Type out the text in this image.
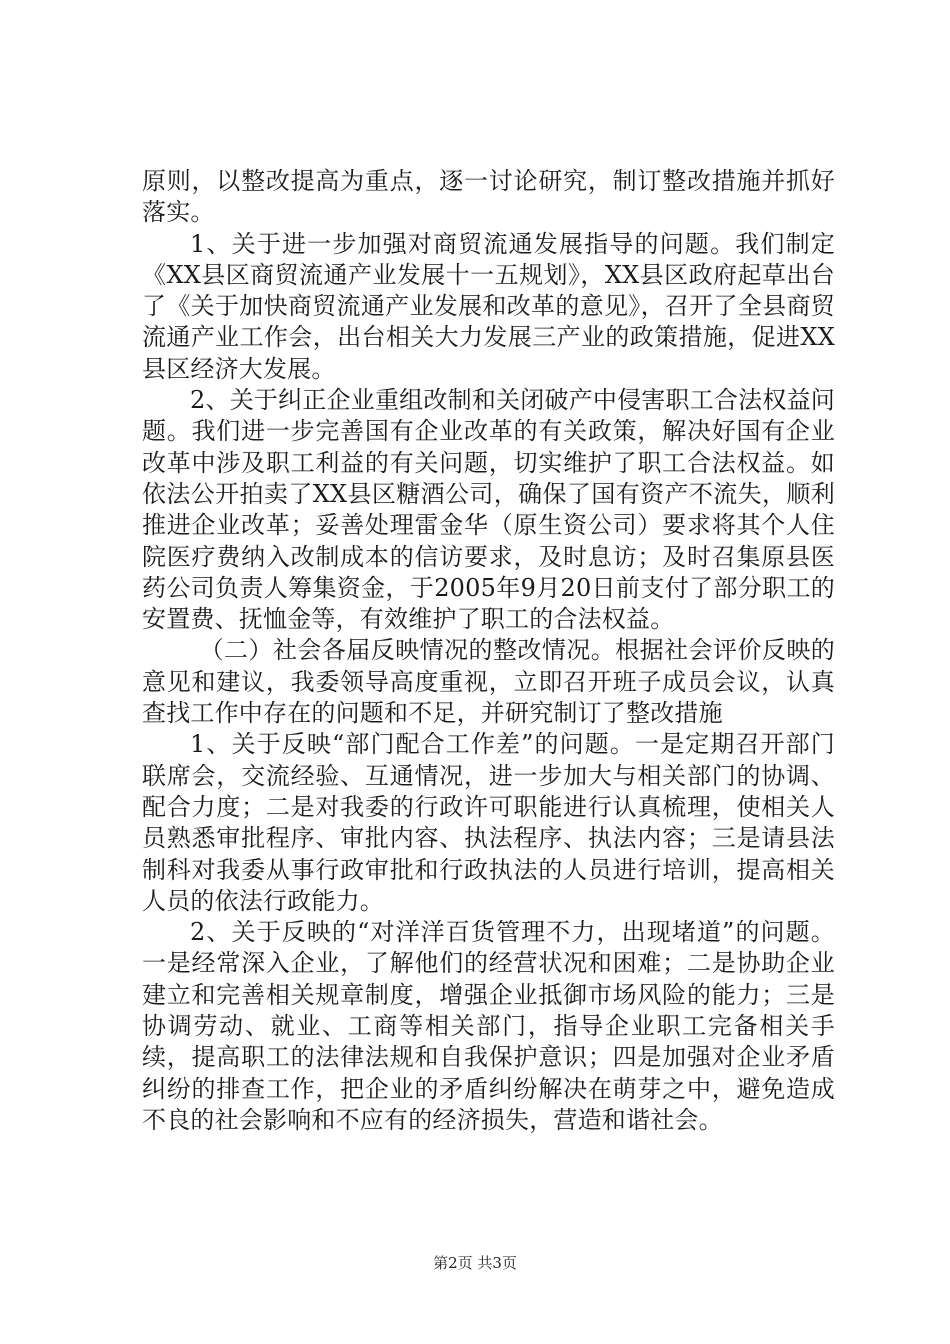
原则，以整改提高为重点，逐一讨论研究，制订整改措施并抓好落实。

1、关于进一步加强对商贸流通发展指导的问题。我们制定《XX县区商贸流通产业发展十一五规划》，XX县区政府起草出台了《关于加快商贸流通产业发展和改革的意见》，召开了全县商贸流通产业工作会，出台相关大力发展三产业的政策措施，促进XX县区经济大发展。

2、关于纠正企业重组改制和关闭破产中侵害职工合法权益问题。我们进一步完善国有企业改革的有关政策，解决好国有企业改革中涉及职工利益的有关问题，切实维护了职工合法权益。如依法公开拍卖了XX县区糖酒公司，确保了国有资产不流失，顺利推进企业改革；妥善处理雷金华（原生资公司）要求将其个人住院医疗费纳入改制成本的信访要求，及时息访；及时召集原县医药公司负责人筹集资金，于2005年9月20日前支付了部分职工的安置费、抚恤金等，有效维护了职工的合法权益。

（二）社会各届反映情况的整改情况。根据社会评价反映的意见和建议，我委领导高度重视，立即召开班子成员会议，认真查找工作中存在的问题和不足，并研究制订了整改措施

1、关于反映“部门配合工作差”的问题。一是定期召开部门联席会，交流经验、互通情况，进一步加大与相关部门的协调、配合力度；二是对我委的行政许可职能进行认真梳理，使相关人员熟悉审批程序、审批内容、执法程序、执法内容；三是请县法制科对我委从事行政审批和行政执法的人员进行培训，提高相关人员的依法行政能力。

2、关于反映的“对洋洋百货管理不力，出现堵道”的问题。一是经常深入企业，了解他们的经营状况和困难；二是协助企业建立和完善相关规章制度，增强企业抵御市场风险的能力；三是协调劳动、就业、工商等相关部门，指导企业职工完备相关手续，提高职工的法律法规和自我保护意识；四是加强对企业矛盾纠纷的排查工作，把企业的矛盾纠纷解决在萌芽之中，避免造成不良的社会影响和不应有的经济损失，营造和谐社会。

第2页 共3页
